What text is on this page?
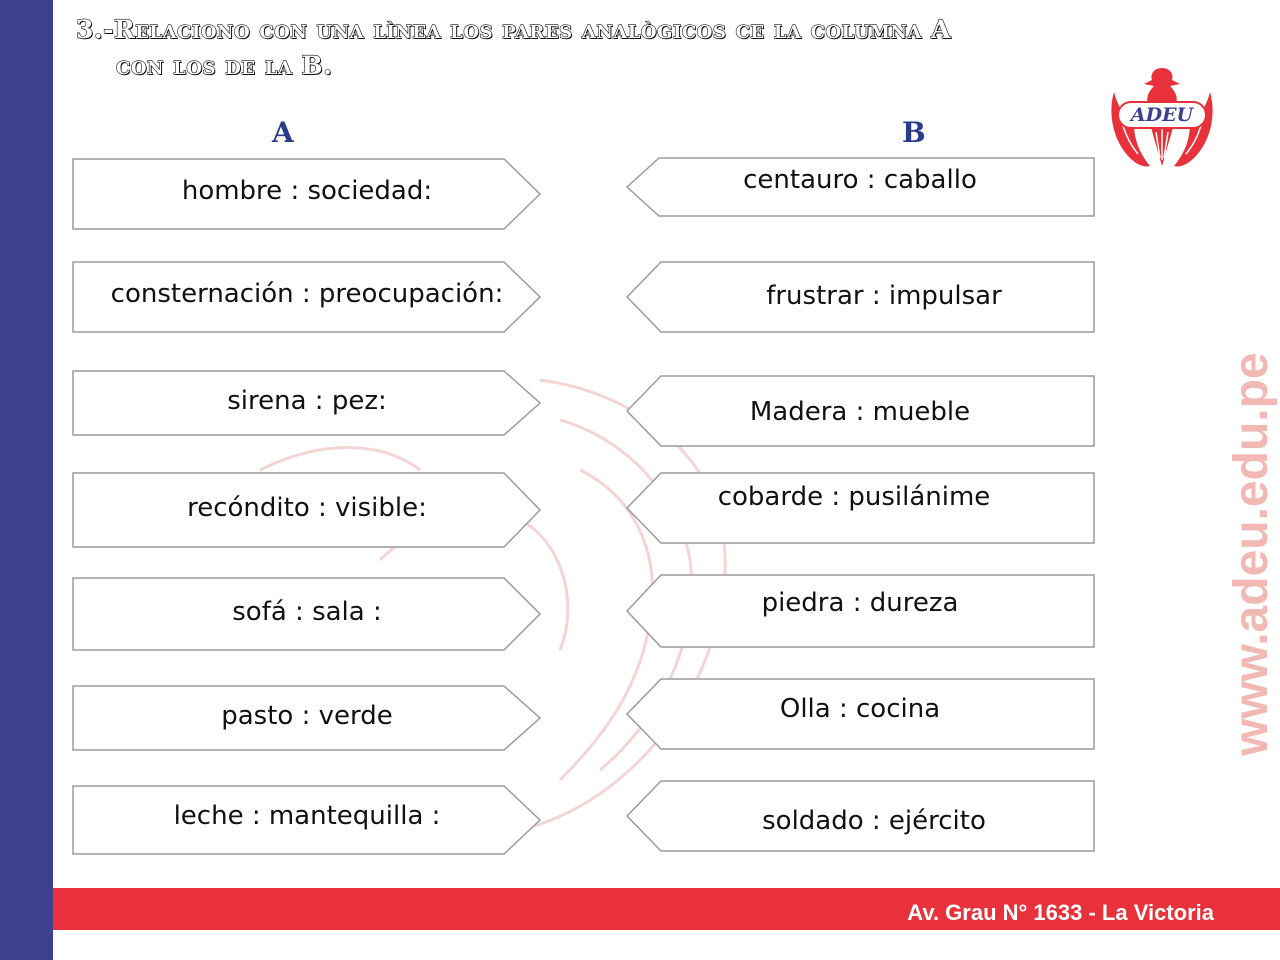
3.-Relaciono con una lìnea los pares analògicos ce la columna A
con los de la B.
A	B
hombre : sociedad:
consternación : preocupación:
sirena : pez:
recóndito : visible:
sofá : sala :
pasto : verde
leche : mantequilla :
centauro : caballo
frustrar : impulsar
Madera : mueble
cobarde : pusilánime
piedra : dureza
Olla : cocina
soldado : ejército
ADEU
www.adeu.edu.pe
Av. Grau N° 1633 - La Victoria
